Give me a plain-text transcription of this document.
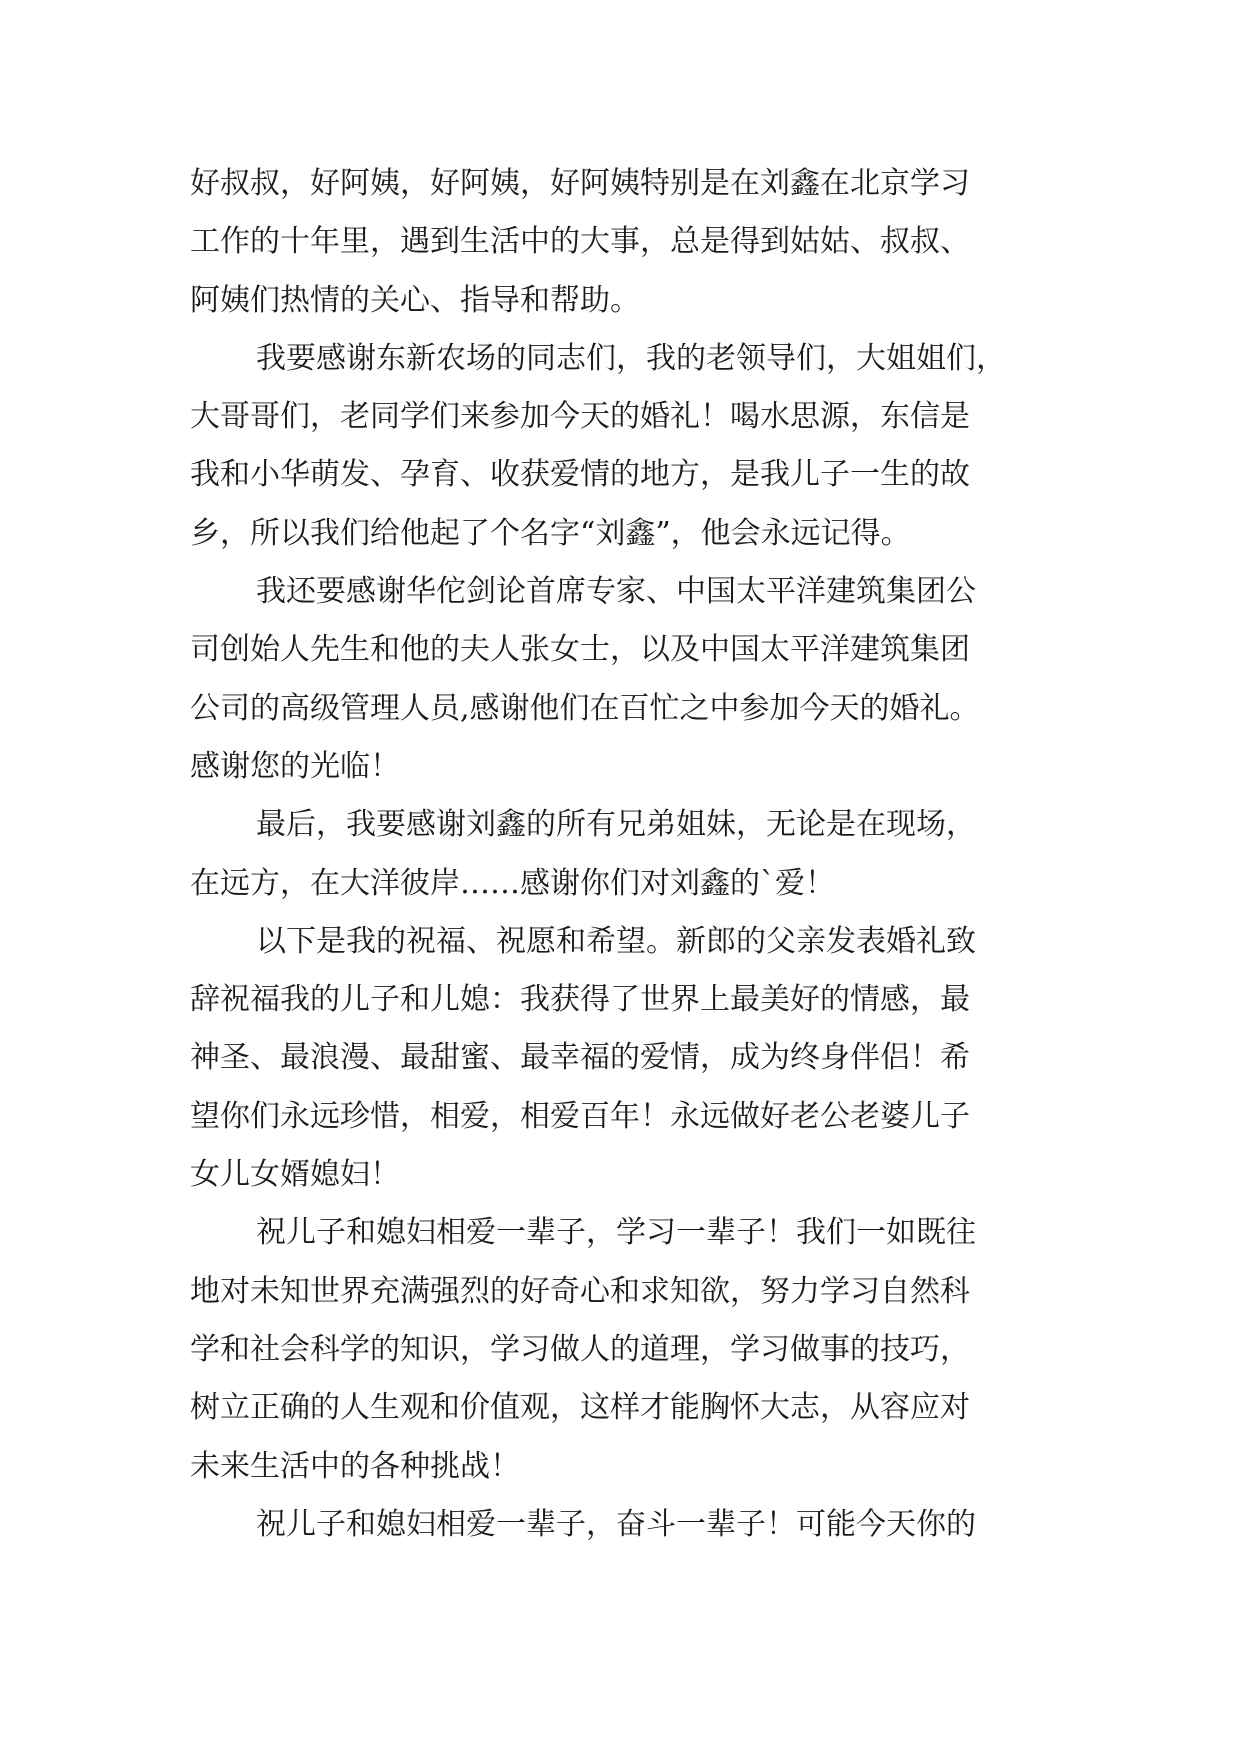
好叔叔，好阿姨，好阿姨，好阿姨特别是在刘鑫在北京学习
工作的十年里，遇到生活中的大事，总是得到姑姑、叔叔、
阿姨们热情的关心、指导和帮助。
我要感谢东新农场的同志们，我的老领导们，大姐姐们，
大哥哥们，老同学们来参加今天的婚礼！喝水思源，东信是
我和小华萌发、孕育、收获爱情的地方，是我儿子一生的故
乡，所以我们给他起了个名字“刘鑫”，他会永远记得。
我还要感谢华佗剑论首席专家、中国太平洋建筑集团公
司创始人先生和他的夫人张女士，以及中国太平洋建筑集团
公司的高级管理人员,感谢他们在百忙之中参加今天的婚礼。
感谢您的光临！
最后，我要感谢刘鑫的所有兄弟姐妹，无论是在现场，
在远方，在大洋彼岸……感谢你们对刘鑫的`爱！
以下是我的祝福、祝愿和希望。新郎的父亲发表婚礼致
辞祝福我的儿子和儿媳：我获得了世界上最美好的情感，最
神圣、最浪漫、最甜蜜、最幸福的爱情，成为终身伴侣！希
望你们永远珍惜，相爱，相爱百年！永远做好老公老婆儿子
女儿女婿媳妇！
祝儿子和媳妇相爱一辈子，学习一辈子！我们一如既往
地对未知世界充满强烈的好奇心和求知欲，努力学习自然科
学和社会科学的知识，学习做人的道理，学习做事的技巧，
树立正确的人生观和价值观，这样才能胸怀大志，从容应对
未来生活中的各种挑战！
祝儿子和媳妇相爱一辈子，奋斗一辈子！可能今天你的
